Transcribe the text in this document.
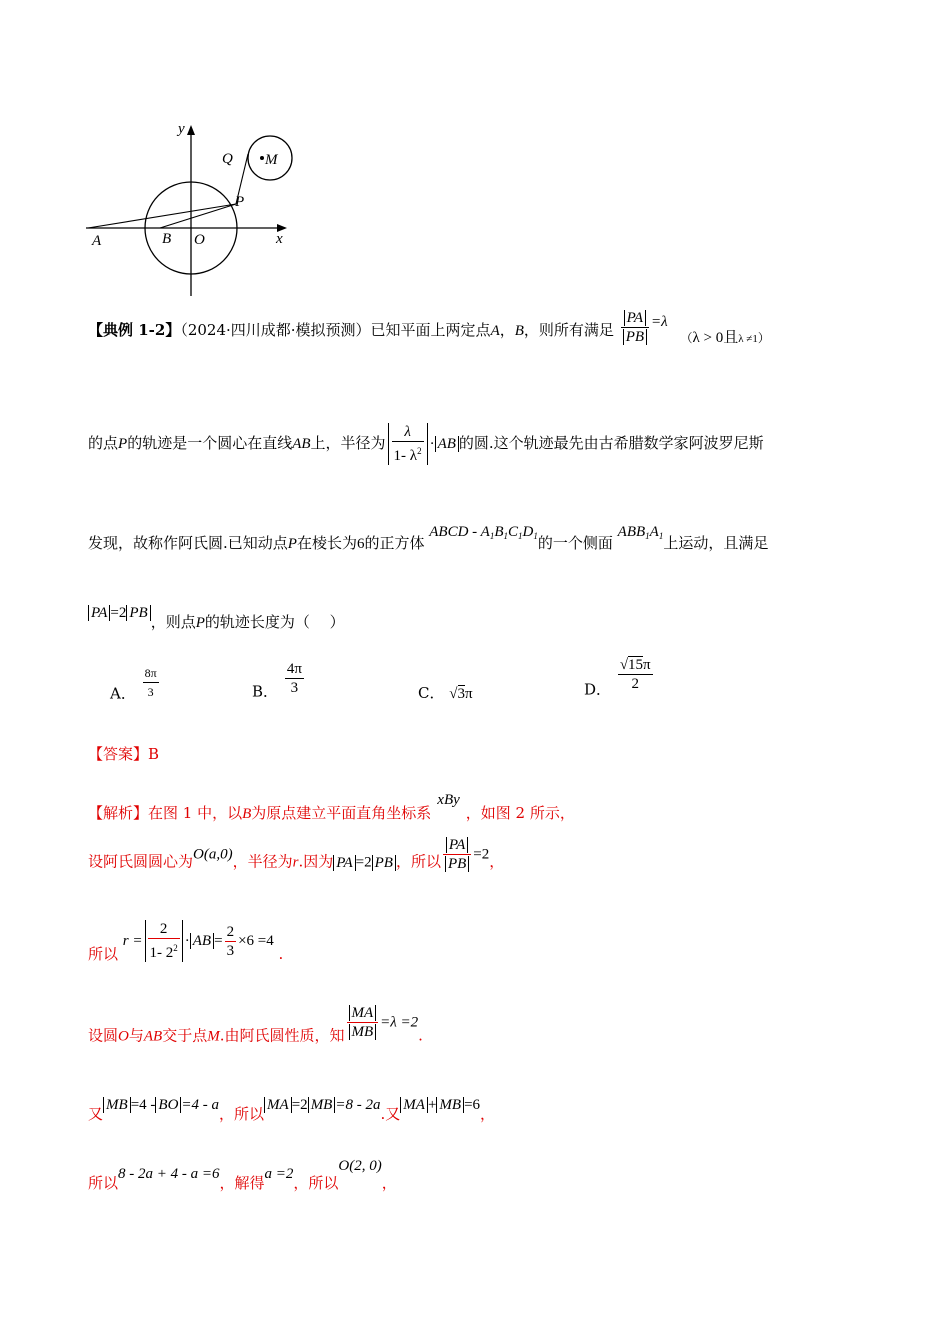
y
x
Q M
P
A	B O
【典例 1-2】（2024·四川成都·模拟预测）已知平面上两定点A，B，则所有满足 $\frac{PA}{PB} =\lambda$ $_{(\lambda > 0且\lambda \ne 1)}$
的点P的轨迹是一个圆心在直线AB上，半径为 $\frac{\lambda}{1- \lambda^2}$ · AB 的圆.这个轨迹最先由古希腊数学家阿波罗尼斯
发现，故称作阿氏圆.已知动点P在棱长为6的正方体 ABCD - $A_1B_1C_1D_1$的一个侧面 $ABB_1A_1$上运动，且满足
PA =2 PB ，则点P的轨迹长度为（　 ）
A． $\frac{8\pi}{3}$	B． $\frac{4\pi}{3}$	C． √3π	D． $\frac{√15\pi}{2}$
【答案】B
【解析】在图 1 中，以B为原点建立平面直角坐标系xBy，如图 2 所示，
设阿氏圆圆心为O(a,0)，半径为r.因为 PA =2 PB ，所以 $\frac{PA}{PB} =2$，
所以 $r = \frac{2}{1- 2^2}$ · AB = $\frac{2}{3} \times 6 =4$ .
设圆O与AB交于点M.由阿氏圆性质，知 $\frac{MA}{MB} =\lambda =2$.
又 MB =4 - BO =4 - a，所以 MA =2 MB =8 - 2a.又 MA + MB =6，
所以8 - 2a + 4 - a =6，解得a =2，所以O(2, 0)，
